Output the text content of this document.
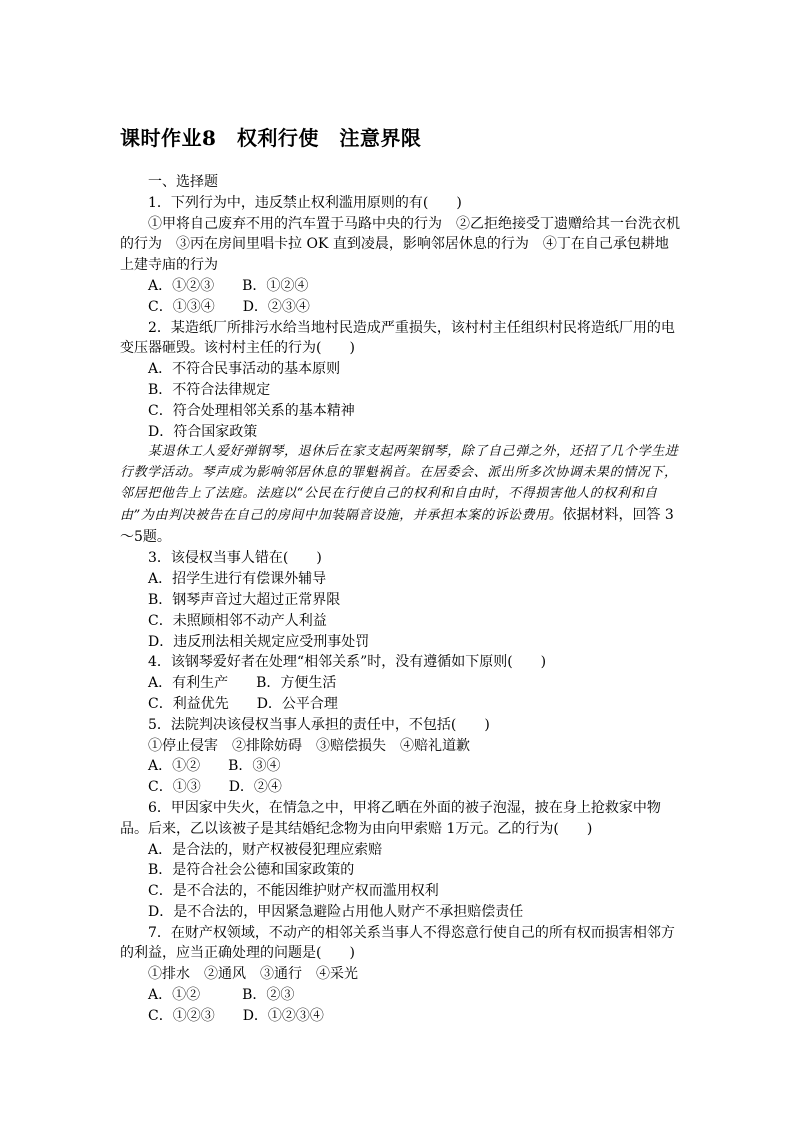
课时作业8　权利行使　注意界限

一、选择题

1．下列行为中，违反禁止权利滥用原则的有(　　)

①甲将自己废弃不用的汽车置于马路中央的行为　②乙拒绝接受丁遗赠给其一台洗衣机的行为　③丙在房间里唱卡拉 OK 直到凌晨，影响邻居休息的行为　④丁在自己承包耕地上建寺庙的行为

A．①②③　　B．①②④

C．①③④　　D．②③④

2．某造纸厂所排污水给当地村民造成严重损失，该村村主任组织村民将造纸厂用的电变压器砸毁。该村村主任的行为(　　)

A．不符合民事活动的基本原则

B．不符合法律规定

C．符合处理相邻关系的基本精神

D．符合国家政策

某退休工人爱好弹钢琴，退休后在家支起两架钢琴，除了自己弹之外，还招了几个学生进行教学活动。琴声成为影响邻居休息的罪魁祸首。在居委会、派出所多次协调未果的情况下，邻居把他告上了法庭。法庭以“公民在行使自己的权利和自由时，不得损害他人的权利和自由”为由判决被告在自己的房间中加装隔音设施，并承担本案的诉讼费用。依据材料，回答 3～5题。

3．该侵权当事人错在(　　)

A．招学生进行有偿课外辅导

B．钢琴声音过大超过正常界限

C．未照顾相邻不动产人利益

D．违反刑法相关规定应受刑事处罚

4．该钢琴爱好者在处理“相邻关系”时，没有遵循如下原则(　　)

A．有利生产　　B．方便生活

C．利益优先　　D．公平合理

5．法院判决该侵权当事人承担的责任中，不包括(　　)

①停止侵害　②排除妨碍　③赔偿损失　④赔礼道歉

A．①②　　B．③④

C．①③　　D．②④

6．甲因家中失火，在情急之中，甲将乙晒在外面的被子泡湿，披在身上抢救家中物品。后来，乙以该被子是其结婚纪念物为由向甲索赔 1万元。乙的行为(　　)

A．是合法的，财产权被侵犯理应索赔

B．是符合社会公德和国家政策的

C．是不合法的，不能因维护财产权而滥用权利

D．是不合法的，甲因紧急避险占用他人财产不承担赔偿责任

7．在财产权领域，不动产的相邻关系当事人不得恣意行使自己的所有权而损害相邻方的利益，应当正确处理的问题是(　　)

①排水　②通风　③通行　④采光

A．①②　　　B．②③

C．①②③　　D．①②③④
